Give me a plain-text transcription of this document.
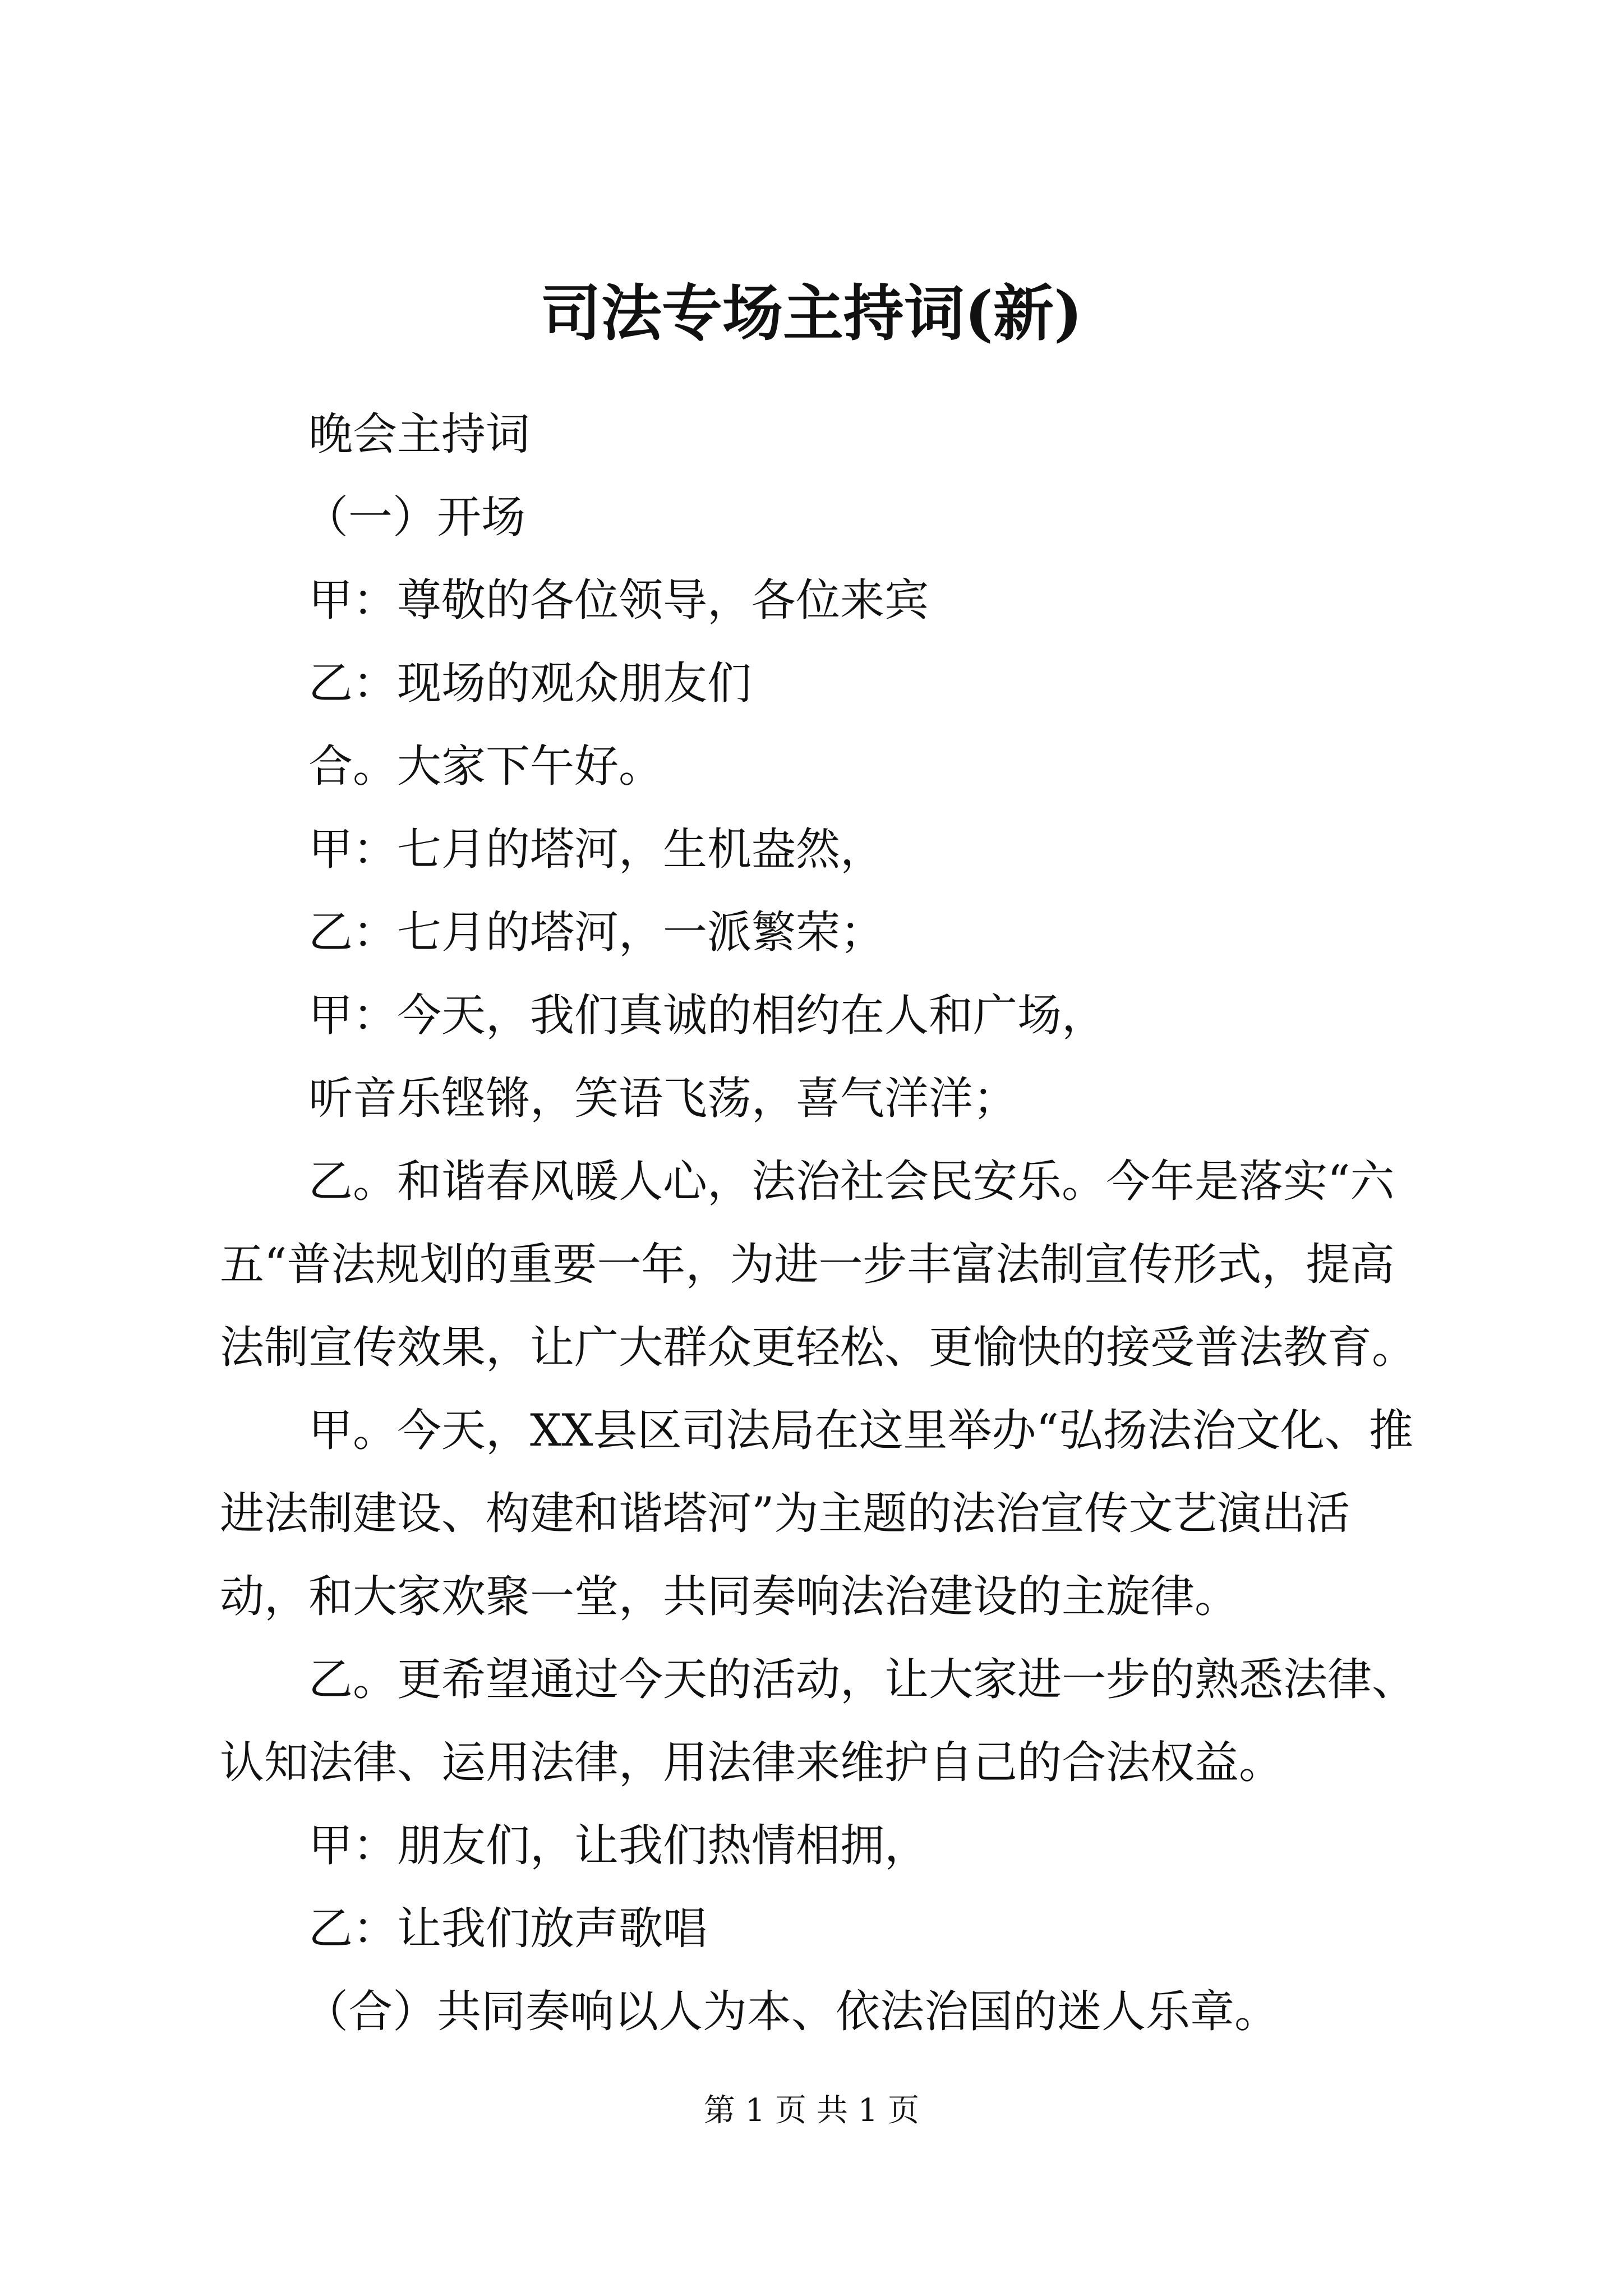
司法专场主持词(新)

晚会主持词

（一）开场

甲：尊敬的各位领导，各位来宾

乙：现场的观众朋友们

合。大家下午好。

甲：七月的塔河，生机盎然，

乙：七月的塔河，一派繁荣；

甲：今天，我们真诚的相约在人和广场，

听音乐铿锵，笑语飞荡，喜气洋洋；

乙。和谐春风暖人心，法治社会民安乐。今年是落实“六五“普法规划的重要一年，为进一步丰富法制宣传形式，提高法制宣传效果，让广大群众更轻松、更愉快的接受普法教育。

甲。今天，XX县区司法局在这里举办“弘扬法治文化、推进法制建设、构建和谐塔河”为主题的法治宣传文艺演出活动，和大家欢聚一堂，共同奏响法治建设的主旋律。

乙。更希望通过今天的活动，让大家进一步的熟悉法律、认知法律、运用法律，用法律来维护自己的合法权益。

甲：朋友们，让我们热情相拥，

乙：让我们放声歌唱

（合）共同奏响以人为本、依法治国的迷人乐章。

第 1 页 共 1 页
